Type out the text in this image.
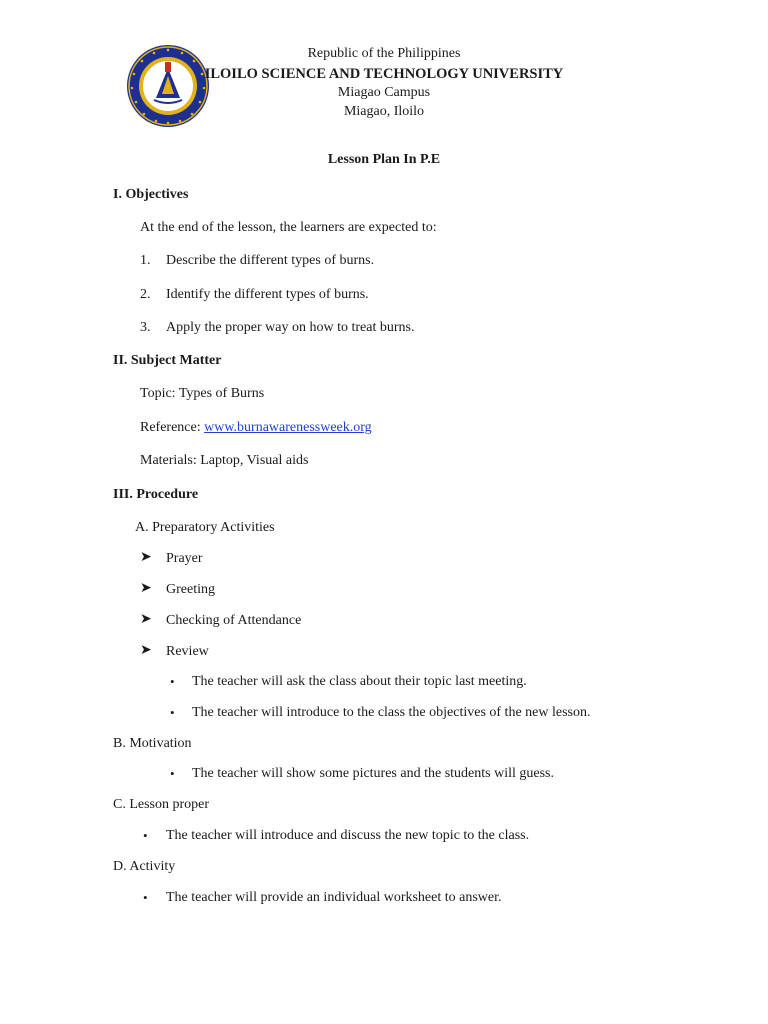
Republic of the Philippines
ILOILO SCIENCE AND TECHNOLOGY UNIVERSITY
Miagao Campus
Miagao, Iloilo
Lesson Plan In P.E
I. Objectives
At the end of the lesson, the learners are expected to:
1. Describe the different types of burns.
2. Identify the different types of burns.
3. Apply the proper way on how to treat burns.
II. Subject Matter
Topic: Types of Burns
Reference: www.burnawarenessweek.org
Materials: Laptop, Visual aids
III. Procedure
A. Preparatory Activities
➤ Prayer
➤ Greeting
➤ Checking of Attendance
➤ Review
• The teacher will ask the class about their topic last meeting.
• The teacher will introduce to the class the objectives of the new lesson.
B. Motivation
• The teacher will show some pictures and the students will guess.
C. Lesson proper
• The teacher will introduce and discuss the new topic to the class.
D. Activity
• The teacher will provide an individual worksheet to answer.
